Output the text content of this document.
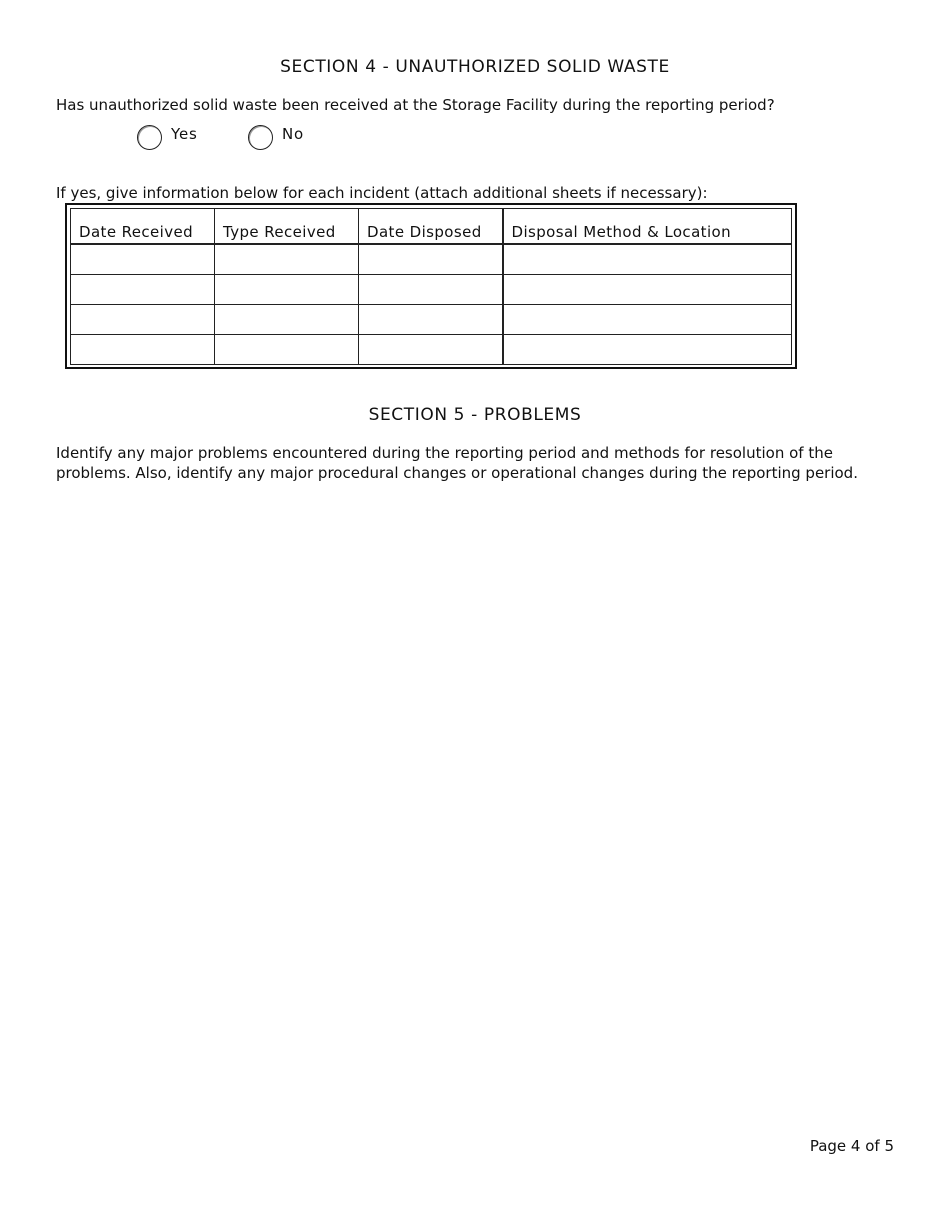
SECTION 4 - UNAUTHORIZED SOLID WASTE
Has unauthorized solid waste been received at the Storage Facility during the reporting period?
Yes	No
If yes, give information below for each incident (attach additional sheets if necessary):
Date Received	Type Received	Date Disposed	Disposal Method & Location

SECTION 5 - PROBLEMS
Identify any major problems encountered during the reporting period and methods for resolution of the
problems. Also, identify any major procedural changes or operational changes during the reporting period.
Page 4 of 5
